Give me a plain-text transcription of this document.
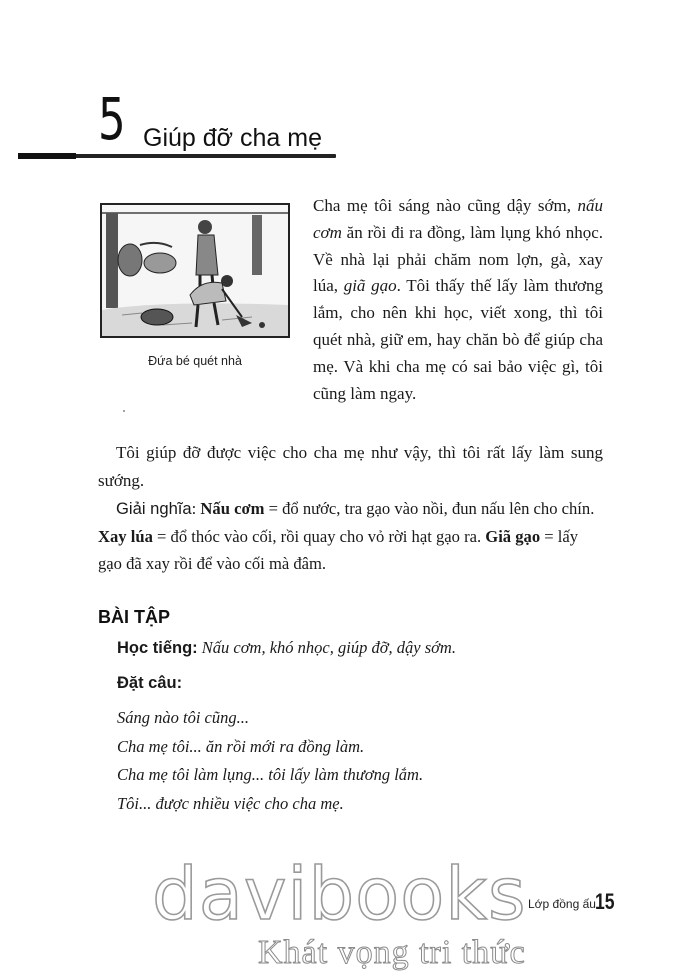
5 Giúp đỡ cha mẹ
Đứa bé quét nhà

Cha mẹ tôi sáng nào cũng dậy sớm, nấu cơm ăn rồi đi ra đồng, làm lụng khó nhọc. Về nhà lại phải chăm nom lợn, gà, xay lúa, giã gạo. Tôi thấy thế lấy làm thương lắm, cho nên khi học, viết xong, thì tôi quét nhà, giữ em, hay chăn bò để giúp cha mẹ. Và khi cha mẹ có sai bảo việc gì, tôi cũng làm ngay.

Tôi giúp đỡ được việc cho cha mẹ như vậy, thì tôi rất lấy làm sung sướng.

Giải nghĩa: Nấu cơm = đổ nước, tra gạo vào nồi, đun nấu lên cho chín. Xay lúa = đổ thóc vào cối, rồi quay cho vỏ rời hạt gạo ra. Giã gạo = lấy gạo đã xay rồi để vào cối mà đâm.

BÀI TẬP
Học tiếng: Nấu cơm, khó nhọc, giúp đỡ, dậy sớm.
Đặt câu:
Sáng nào tôi cũng...
Cha mẹ tôi... ăn rồi mới ra đồng làm.
Cha mẹ tôi làm lụng... tôi lấy làm thương lắm.
Tôi... được nhiều việc cho cha mẹ.
davibooks
Khát vọng tri thức
Lớp đồng ấu 15
